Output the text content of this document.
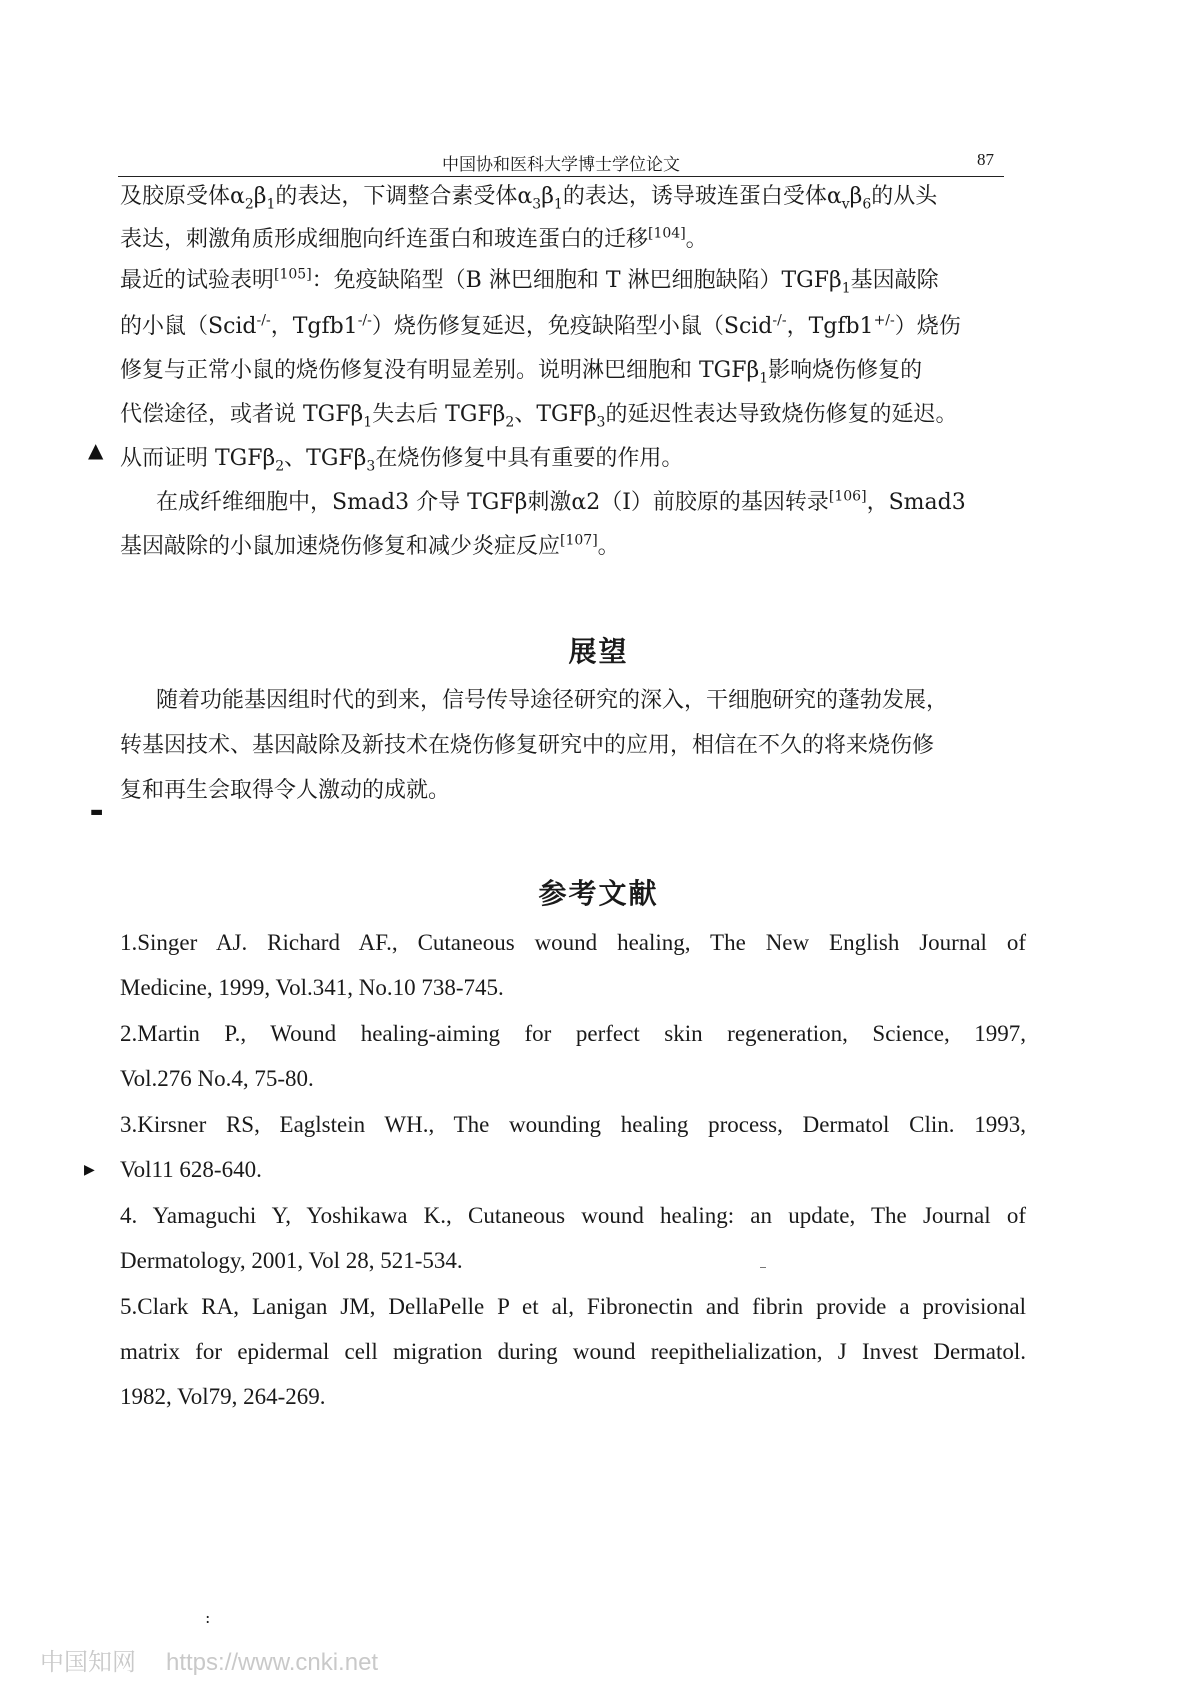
中国协和医科大学博士学位论文	87
及胶原受体$\alpha_2\beta_1$的表达，下调整合素受体$\alpha_3\beta_1$的表达，诱导玻连蛋白受体$\alpha_v\beta_6$的从头
表达，刺激角质形成细胞向纤连蛋白和玻连蛋白的迁移[104]。
最近的试验表明[105]：免疫缺陷型（B 淋巴细胞和 T 淋巴细胞缺陷）TGFβ$_1$基因敲除
的小鼠（Scid-/-，Tgfb1-/-）烧伤修复延迟，免疫缺陷型小鼠（Scid-/-，Tgfb1+/-）烧伤
修复与正常小鼠的烧伤修复没有明显差别。说明淋巴细胞和 TGFβ$_1$影响烧伤修复的
代偿途径，或者说 TGFβ$_1$失去后 TGFβ$_2$、TGFβ$_3$的延迟性表达导致烧伤修复的延迟。
从而证明 TGFβ$_2$、TGFβ$_3$在烧伤修复中具有重要的作用。
在成纤维细胞中，Smad3 介导 TGFβ刺激α2（I）前胶原的基因转录[106]，Smad3
基因敲除的小鼠加速烧伤修复和减少炎症反应[107]。
展望
随着功能基因组时代的到来，信号传导途径研究的深入，干细胞研究的蓬勃发展，
转基因技术、基因敲除及新技术在烧伤修复研究中的应用，相信在不久的将来烧伤修
复和再生会取得令人激动的成就。
参考文献
1.Singer AJ. Richard AF., Cutaneous wound healing, The New English Journal of
Medicine, 1999, Vol.341, No.10 738-745.
2.Martin P., Wound healing-aiming for perfect skin regeneration, Science, 1997,
Vol.276 No.4, 75-80.
3.Kirsner RS, Eaglstein WH., The wounding healing process, Dermatol Clin. 1993,
Vol11 628-640.
4. Yamaguchi Y, Yoshikawa K., Cutaneous wound healing: an update, The Journal of
Dermatology, 2001, Vol 28, 521-534.
5.Clark RA, Lanigan JM, DellaPelle P et al, Fibronectin and fibrin provide a provisional
matrix for epidermal cell migration during wound reepithelialization, J Invest Dermatol.
1982, Vol79, 264-269.
▲
▬
▶
:
中国知网 https://www.cnki.net
